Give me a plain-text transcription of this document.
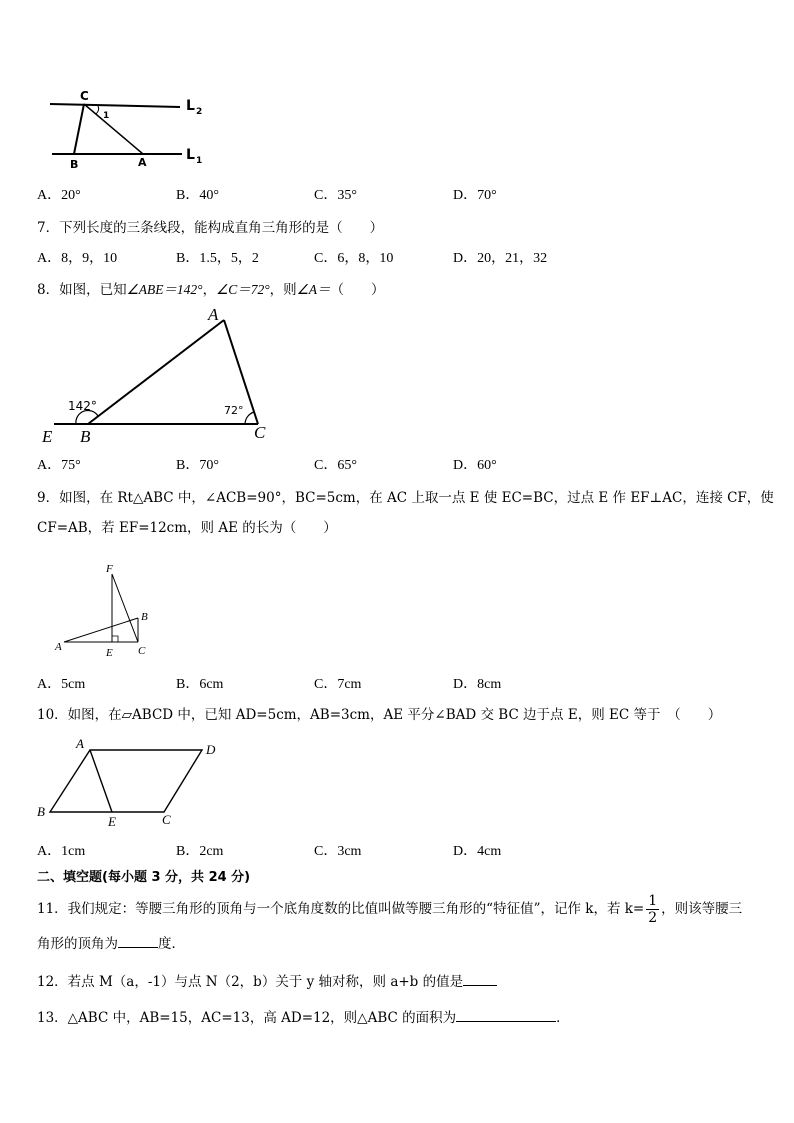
C
1
L 2
L 1
B	A
A．20°	B．40°	C．35°	D．70°
7．下列长度的三条线段，能构成直角三角形的是（　　）
A．8，9，10	B．1.5，5，2	C．6，8，10	D．20，21，32
8．如图，已知∠ABE＝142°，∠C＝72°，则∠A＝（　　）
A
B	C
E
142°	72°
A．75°	B．70°	C．65°	D．60°
9．如图，在 Rt△ABC 中，∠ACB=90°，BC=5cm，在 AC 上取一点 E 使 EC=BC，过点 E 作 EF⊥AC，连接 CF，使
CF=AB，若 EF=12cm，则 AE 的长为（　　）
F
B
A	E C
A．5cm	B．6cm	C．7cm	D．8cm
10．如图，在▱ABCD 中，已知 AD=5cm，AB=3cm，AE 平分∠BAD 交 BC 边于点 E，则 EC 等于　（　　）
A	D
B
E	C
A．1cm	B．2cm	C．3cm	D．4cm
二、填空题(每小题 3 分，共 24 分)
11．我们规定：等腰三角形的顶角与一个底角度数的比值叫做等腰三角形的“特征值”，记作 k，若 $k= \frac{1}{2}$ ，则该等腰三
角形的顶角为	度．
12．若点 M（a，-1）与点 N（2，b）关于 y 轴对称，则 a+b 的值是
13．△ABC 中，AB=15，AC=13，高 AD=12，则△ABC 的面积为	．
